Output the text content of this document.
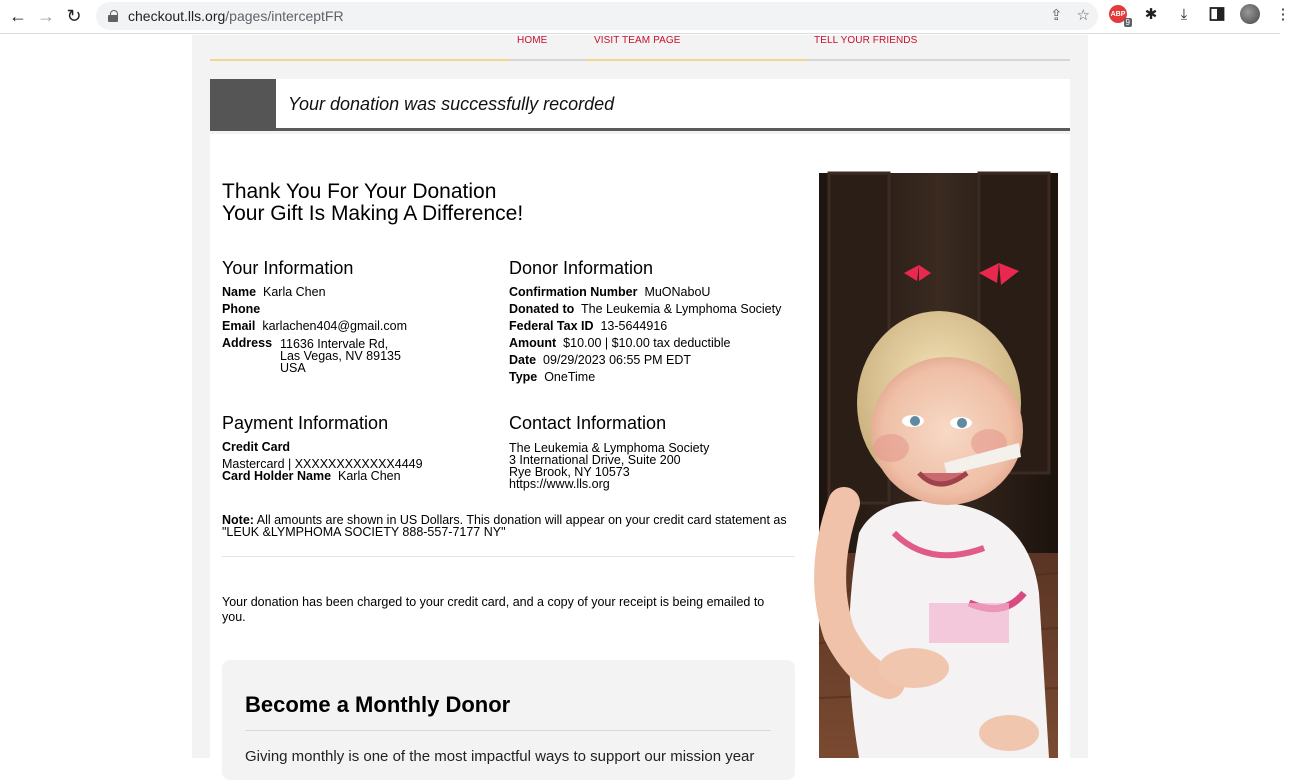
← → ↻	checkout.lls.org/pages/interceptFR	⇪ ☆	ABP
9 ✱	⤓	⋮
HOME	VISIT TEAM PAGE	TELL YOUR FRIENDS
Your donation was successfully recorded
Thank You For Your Donation
Your Gift Is Making A Difference!
Your Information
Name Karla Chen
Phone
Email karlachen404@gmail.com
Address 11636 Intervale Rd,
Las Vegas, NV 89135
USA
Donor Information
Confirmation Number MuONaboU
Donated to The Leukemia & Lymphoma Society
Federal Tax ID 13-5644916
Amount $10.00 | $10.00 tax deductible
Date 09/29/2023 06:55 PM EDT
Type OneTime
Payment Information
Credit Card
Mastercard | XXXXXXXXXXXX4449
Card Holder Name Karla Chen
Contact Information
The Leukemia & Lymphoma Society
3 International Drive, Suite 200
Rye Brook, NY 10573
https://www.lls.org
Note: All amounts are shown in US Dollars. This donation will appear on your credit card statement as "LEUK &LYMPHOMA SOCIETY 888-557-7177 NY"
Your donation has been charged to your credit card, and a copy of your receipt is being emailed to you.
Become a Monthly Donor

Giving monthly is one of the most impactful ways to support our mission year
